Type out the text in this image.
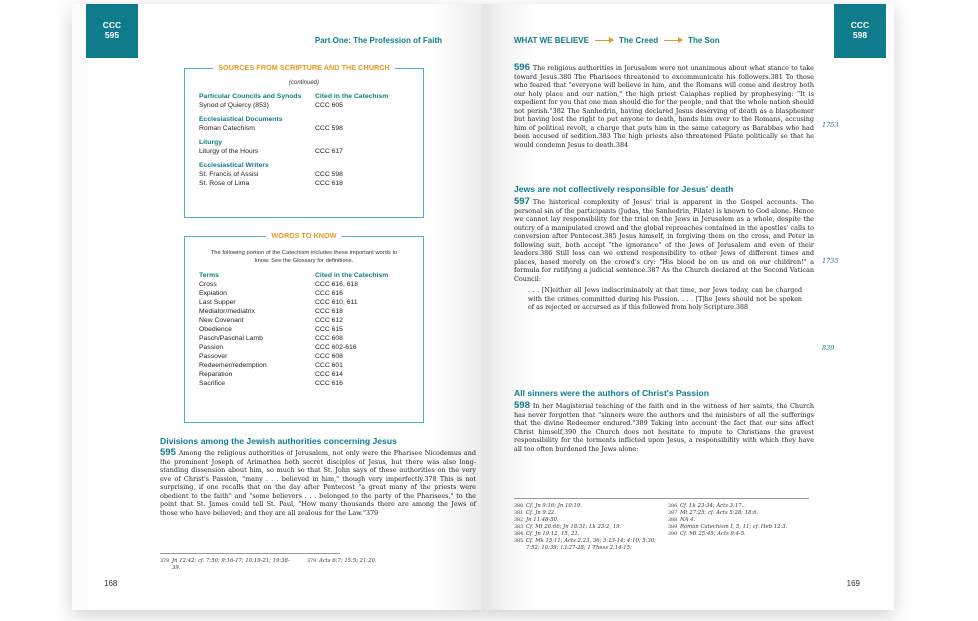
CCC
595
Part One: The Profession of Faith
SOURCES FROM SCRIPTURE AND THE CHURCH
(continued)
Particular Councils and Synods	Cited in the Catechism
Synod of Quiercy (853)	CCC 605
Ecclesiastical Documents
Roman Catechism	CCC 598
Liturgy
Liturgy of the Hours	CCC 617
Ecclesiastical Writers
St. Francis of Assisi	CCC 598
St. Rose of Lima	CCC 618
WORDS TO KNOW
The following portion of the Catechism includes these important words to know. See the Glossary for definitions.
Terms	Cited in the Catechism
Cross	CCC 616, 618
Expiation	CCC 616
Last Supper	CCC 610, 611
Mediator/mediatrix	CCC 618
New Covenant	CCC 612
Obedience	CCC 615
Pasch/Paschal Lamb	CCC 608
Passion	CCC 602-616
Passover	CCC 608
Redeemer/redemption	CCC 601
Reparation	CCC 614
Sacrifice	CCC 616
Divisions among the Jewish authorities concerning Jesus
595 Among the religious authorities of Jerusalem, not only were the Pharisee Nicodemus and the prominent Joseph of Arimathea both secret disciples of Jesus, but there was also long-standing dissension about him, so much so that St. John says of these authorities on the very eve of Christ's Passion, "many . . . believed in him," though very imperfectly.378 This is not surprising, if one recalls that on the day after Pentecost "a great many of the priests were obedient to the faith" and "some believers . . . belonged to the party of the Pharisees," to the point that St. James could tell St. Paul, "How many thousands there are among the Jews of those who have believed; and they are all zealous for the Law."379
378 Jn 12:42; cf. 7:50; 9:16-17; 10:19-21; 19:38-39.
379 Acts 6:7; 15:5; 21:20.
168
CCC
598
WHAT WE BELIEVE	The Creed	The Son
596 The religious authorities in Jerusalem were not unanimous about what stance to take toward Jesus.380 The Pharisees threatened to excommunicate his followers.381 To those who feared that "everyone will believe in him, and the Romans will come and destroy both our holy place and our nation," the high priest Caiaphas replied by prophesying: "It is expedient for you that one man should die for the people, and that the whole nation should not perish."382 The Sanhedrin, having declared Jesus deserving of death as a blasphemer but having lost the right to put anyone to death, hands him over to the Romans, accusing him of political revolt, a charge that puts him in the same category as Barabbas who had been accused of sedition.383 The high priests also threatened Pilate politically so that he would condemn Jesus to death.384
1753
Jews are not collectively responsible for Jesus' death
597 The historical complexity of Jesus' trial is apparent in the Gospel accounts. The personal sin of the participants (Judas, the Sanhedrin, Pilate) is known to God alone. Hence we cannot lay responsibility for the trial on the Jews in Jerusalem as a whole, despite the outcry of a manipulated crowd and the global reproaches contained in the apostles' calls to conversion after Pentecost.385 Jesus himself, in forgiving them on the cross, and Peter in following suit, both accept "the ignorance" of the Jews of Jerusalem and even of their leaders.386 Still less can we extend responsibility to other Jews of different times and places, based merely on the crowd's cry: "His blood be on us and on our children!" a formula for ratifying a judicial sentence.387 As the Church declared at the Second Vatican Council:
. . . [N]either all Jews indiscriminately at that time, nor Jews today, can be charged with the crimes committed during his Passion. . . . [T]he Jews should not be spoken of as rejected or accursed as if this followed from holy Scripture.388
1735
839
All sinners were the authors of Christ's Passion
598 In her Magisterial teaching of the faith and in the witness of her saints, the Church has never forgotten that "sinners were the authors and the ministers of all the sufferings that the divine Redeemer endured."389 Taking into account the fact that our sins affect Christ himself,390 the Church does not hesitate to impute to Christians the gravest responsibility for the torments inflicted upon Jesus, a responsibility with which they have all too often burdened the Jews alone:
380 Cf. Jn 9:16; Jn 10:19.
381 Cf. Jn 9:22.
382 Jn 11:48-50.
383 Cf. Mt 26:66; Jn 18:31; Lk 23:2, 19.
384 Cf. Jn 19:12, 15, 21.
385 Cf. Mk 15:11; Acts 2:23, 36; 3:13-14; 4:10; 5:30; 7:52; 10:39; 13:27-28; 1 Thess 2:14-15.
386 Cf. Lk 23:34; Acts 3:17.
387 Mt 27:25; cf. Acts 5:28; 18:6.
388 NA 4.
389 Roman Catechism I, 5, 11; cf. Heb 12:3.
390 Cf. Mt 25:45; Acts 9:4-5.
169
